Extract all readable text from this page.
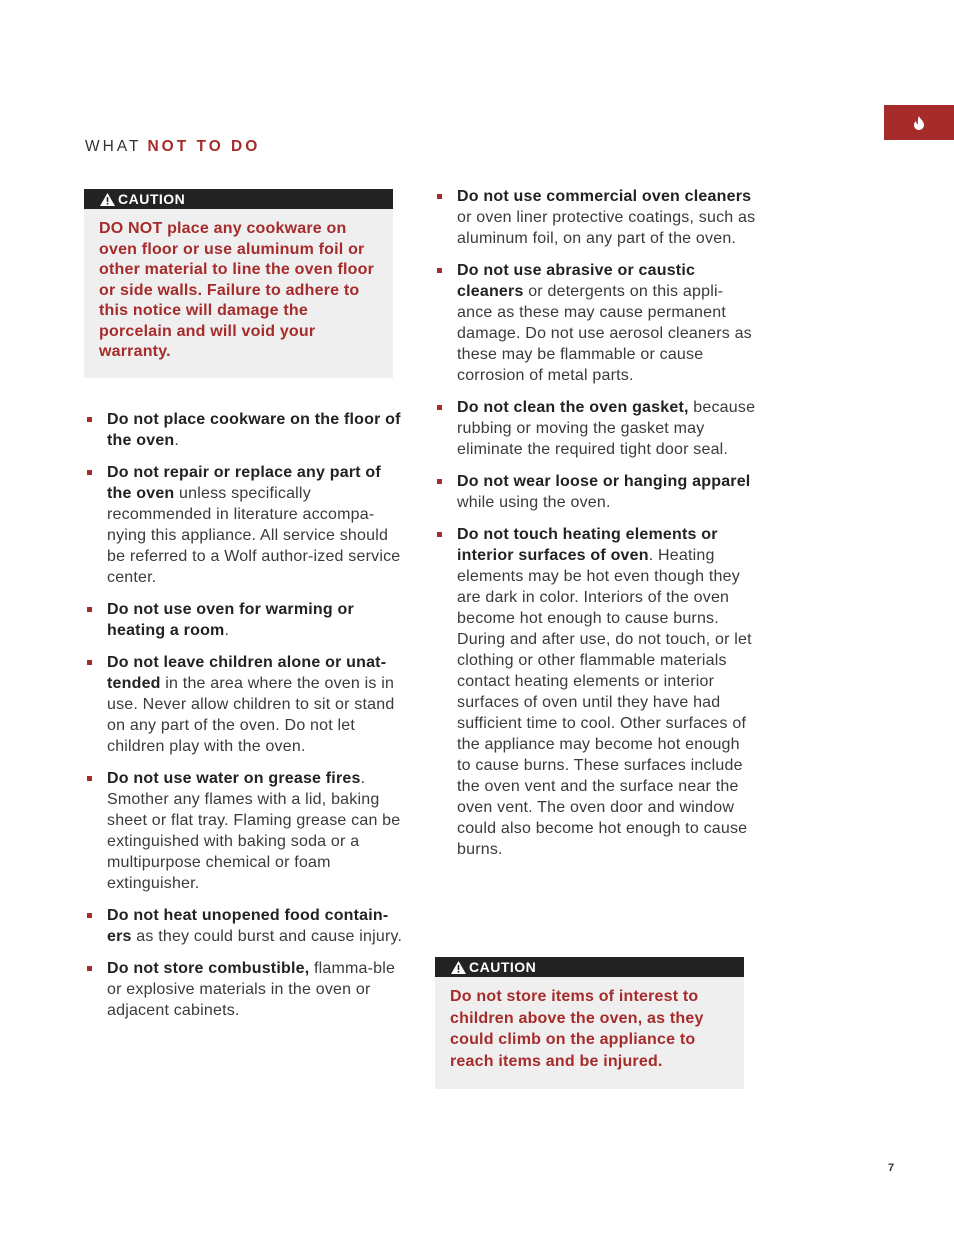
WHAT NOT TO DO
CAUTION
DO NOT place any cookware on oven floor or use aluminum foil or other material to line the oven floor or side walls. Failure to adhere to this notice will damage the porcelain and will void your warranty.
Do not place cookware on the floor of the oven.
Do not repair or replace any part of the oven unless specifically recommended in literature accompa-nying this appliance. All service should be referred to a Wolf author-ized service center.
Do not use oven for warming or heating a room.
Do not leave children alone or unat-tended in the area where the oven is in use. Never allow children to sit or stand on any part of the oven. Do not let children play with the oven.
Do not use water on grease fires. Smother any flames with a lid, baking sheet or flat tray. Flaming grease can be extinguished with baking soda or a multipurpose chemical or foam extinguisher.
Do not heat unopened food contain-ers as they could burst and cause injury.
Do not store combustible, flamma-ble or explosive materials in the oven or adjacent cabinets.
Do not use commercial oven cleaners or oven liner protective coatings, such as aluminum foil, on any part of the oven.
Do not use abrasive or caustic cleaners or detergents on this appli-ance as these may cause permanent damage. Do not use aerosol cleaners as these may be flammable or cause corrosion of metal parts.
Do not clean the oven gasket, because rubbing or moving the gasket may eliminate the required tight door seal.
Do not wear loose or hanging apparel while using the oven.
Do not touch heating elements or interior surfaces of oven. Heating elements may be hot even though they are dark in color. Interiors of the oven become hot enough to cause burns. During and after use, do not touch, or let clothing or other flammable materials contact heating elements or interior surfaces of oven until they have had sufficient time to cool. Other surfaces of the appliance may become hot enough to cause burns. These surfaces include the oven vent and the surface near the oven vent. The oven door and window could also become hot enough to cause burns.
CAUTION
Do not store items of interest to children above the oven, as they could climb on the appliance to reach items and be injured.
7
